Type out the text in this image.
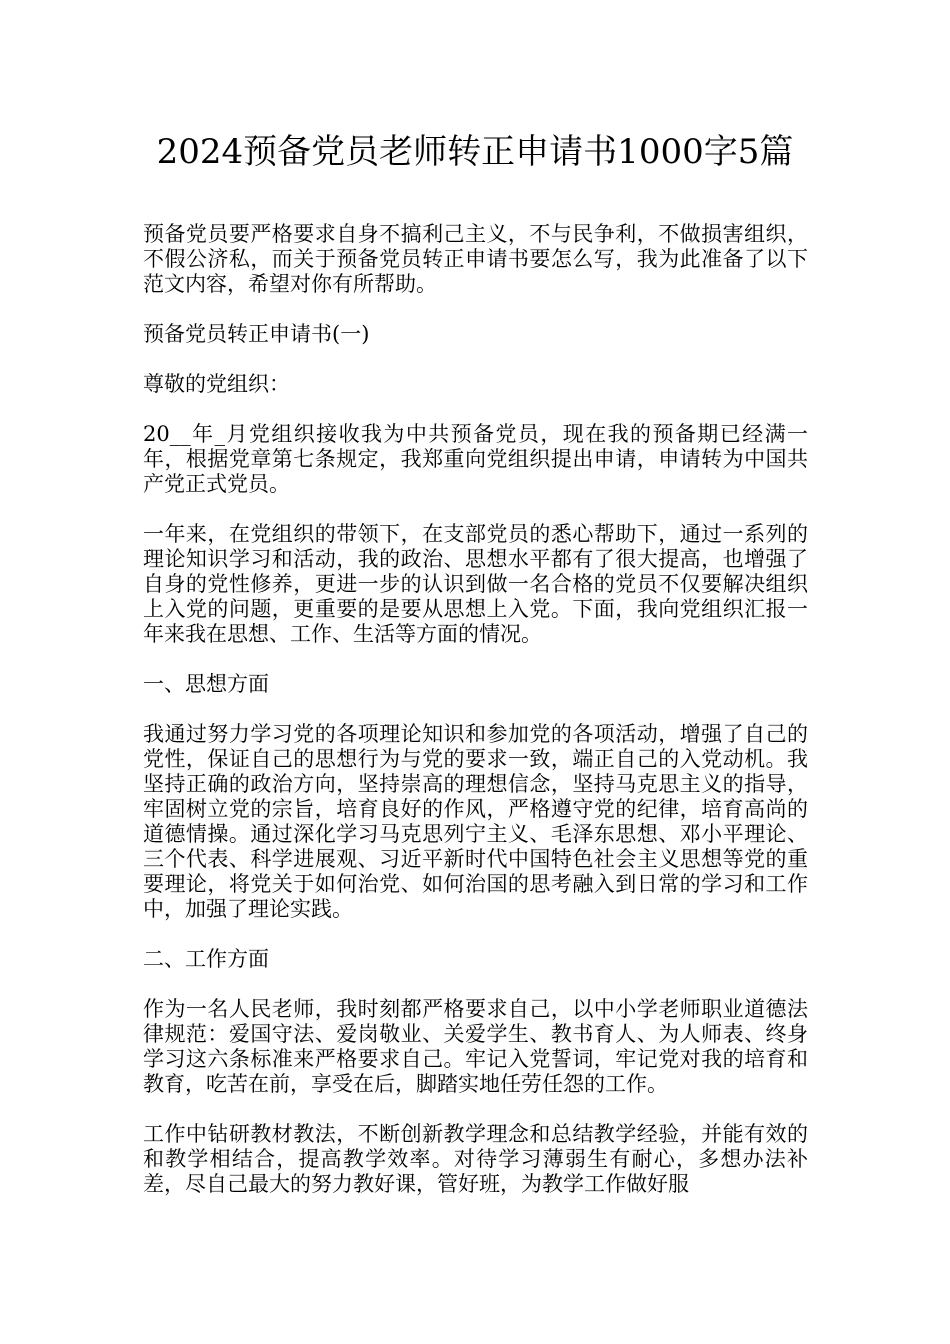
2024预备党员老师转正申请书1000字5篇

预备党员要严格要求自身不搞利己主义，不与民争利，不做损害组织，不假公济私，而关于预备党员转正申请书要怎么写，我为此准备了以下范文内容，希望对你有所帮助。

预备党员转正申请书(一)

尊敬的党组织：

20__年_月党组织接收我为中共预备党员，现在我的预备期已经满一年，根据党章第七条规定，我郑重向党组织提出申请，申请转为中国共产党正式党员。

一年来，在党组织的带领下，在支部党员的悉心帮助下，通过一系列的理论知识学习和活动，我的政治、思想水平都有了很大提高，也增强了自身的党性修养，更进一步的认识到做一名合格的党员不仅要解决组织上入党的问题，更重要的是要从思想上入党。下面，我向党组织汇报一年来我在思想、工作、生活等方面的情况。

一、思想方面

我通过努力学习党的各项理论知识和参加党的各项活动，增强了自己的党性，保证自己的思想行为与党的要求一致，端正自己的入党动机。我坚持正确的政治方向，坚持崇高的理想信念，坚持马克思主义的指导，牢固树立党的宗旨，培育良好的作风，严格遵守党的纪律，培育高尚的道德情操。通过深化学习马克思列宁主义、毛泽东思想、邓小平理论、三个代表、科学进展观、习近平新时代中国特色社会主义思想等党的重要理论，将党关于如何治党、如何治国的思考融入到日常的学习和工作中，加强了理论实践。

二、工作方面

作为一名人民老师，我时刻都严格要求自己，以中小学老师职业道德法律规范：爱国守法、爱岗敬业、关爱学生、教书育人、为人师表、终身学习这六条标准来严格要求自己。牢记入党誓词，牢记党对我的培育和教育，吃苦在前，享受在后，脚踏实地任劳任怨的工作。

工作中钻研教材教法，不断创新教学理念和总结教学经验，并能有效的和教学相结合，提高教学效率。对待学习薄弱生有耐心，多想办法补差，尽自己最大的努力教好课，管好班，为教学工作做好服
